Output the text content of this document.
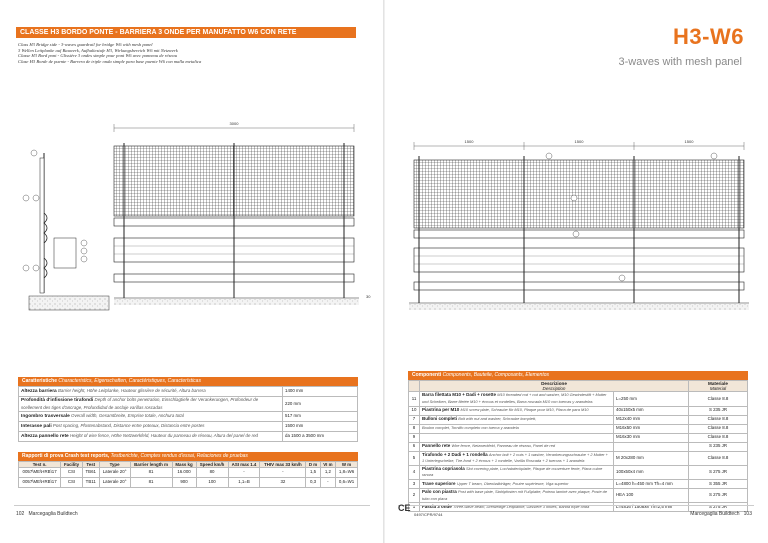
CLASSE H3 BORDO PONTE - BARRIERA 3 ONDE PER MANUFATTO W6 CON RETE
Class H3 Bridge side - 3-waves guardrail for bridge W6 with mesh panel
3 Wellen Leitplanke auf Bauwerk, Aufhaltestufe H3, Wirkungsbereich W6 mit Netzwerk
Classe H3 Bord pont - Glissière 3 ondes simple pour pont W6 avec panneau de réseau
Clase H3 Borde de puente - Barrera de triple onda simple para base puente W6 con malla metalica
3000
30
Caratteristiche Characteristics, Eigenschaften, Caractéristiques, Características
Altezza barriera Barrier height, Höhe Leitplanke, Hauteur glissière de sécurité, Altura barrera	1400 mm
Profondità d'infissione tirafondi Depth of anchor bolts penetration, Einschlagtiefe der Verankerungen, Profondeur de scellement des tiges d'ancrage, Profundidad de anclaje varillas roscadas	220 mm
Ingombro trasversale Overall width, Gesamtbreite, Emprise totale, Anchura total	517 mm
Interasse pali Post spacing, Pfostenabstand, Distance entre poteaux, Distancia entre postes	1500 mm
Altezza pannello rete Height of wire fence, Höhe Netzwerkfeld, Hauteur du panneau de réseau, Altura del panel de red	da 1500 a 3500 mm
Rapporti di prova Crash test reports, Testberichte, Comptes rendus d'essai, Relaciones de pruebas
Test n.	Facility	Test	Type	Barrier length m	Mass kg	Speed km/h	ASI max 1.4	THIV max 33 km/h	D m	VI m	W m
0057\ME\HRB\17	CSI	TB61	Laterale 20°	81	16.000	80	-	-	1,5	1,2	1,8=W6
0057\ME\HRB\17	CSI	TB11	Laterale 20°	81	900	100	1,1=B	32	0,3	-	0,6=W1
102 Marcegaglia Buildtech
H3-W6
3-waves with mesh panel
1500	1500	1500
Componenti Components, Bauteile, Composants, Elementos
	Descrizione
Description		Materiale
Material
11	Barra filettata M10 + Dadi + rosette M10 threaded rod + nut and washer, M10 Gewindestift + Mutter und Scheiben, Barre filetée M10 + écrous et rondelles, Barra roscada M10 con tuercas y arandelas	L=250 mm	Classe 8.8
10	Piastrina per M10 M10 screw plate, Schraube für M10, Plaque pour M10, Placa de para M10	40x150x5 mm	S 235 JR
7	Bulloni completi Bolt with nut and washer, Schraube komplett,	M12x40 mm	Classe 8.8
8	Boulon complet, Tornillo completo con tuerca y arandela	M16x50 mm	Classe 8.8
9		M16x30 mm	Classe 8.8
6	Pannello rete Wire fence, Netzwerkfeld, Panneau de réseau, Panel de red		S 235 JR
5	Tirafondo + 2 Dadi + 1 rondella Anchor bolt + 2 nuts + 1 washer, Verankerungsschraube + 2 Mutter + 1 Unterlegscheibe, Tire-fond + 2 écrous + 1 rondelle, Varilla Roscada + 2 tuercas + 1 arandela	M 20x280 mm	Classe 8.8
4	Piastrina copriasola Slot covering plate, Lochabdeckplatte, Plaque de couverture fente, Placa cubre ranura	100x50x4 mm	S 275 JR
3	Trave superiore Upper T beam, Obenbalkträger, Poutre supérieure, Viga superior	L=4800 h=450 mm Th=4 mm	S 355 JR
2	Palo con piastra Post with base plate, Stahlpfosten mit Fußplatte, Poteau laminé avec plaque, Poste de tubo con placa	HEA 100	S 275 JR
1	Fascia 3 onde Three-wave beam, Dreiwellige Leitplanke, Glissière 3 ondes, Banda triple onda	L=4816 / 1508x8 Th=2,5 mm	S 275 JR
CE
0497/CPR/9744	Marcegaglia Buildtech 103
